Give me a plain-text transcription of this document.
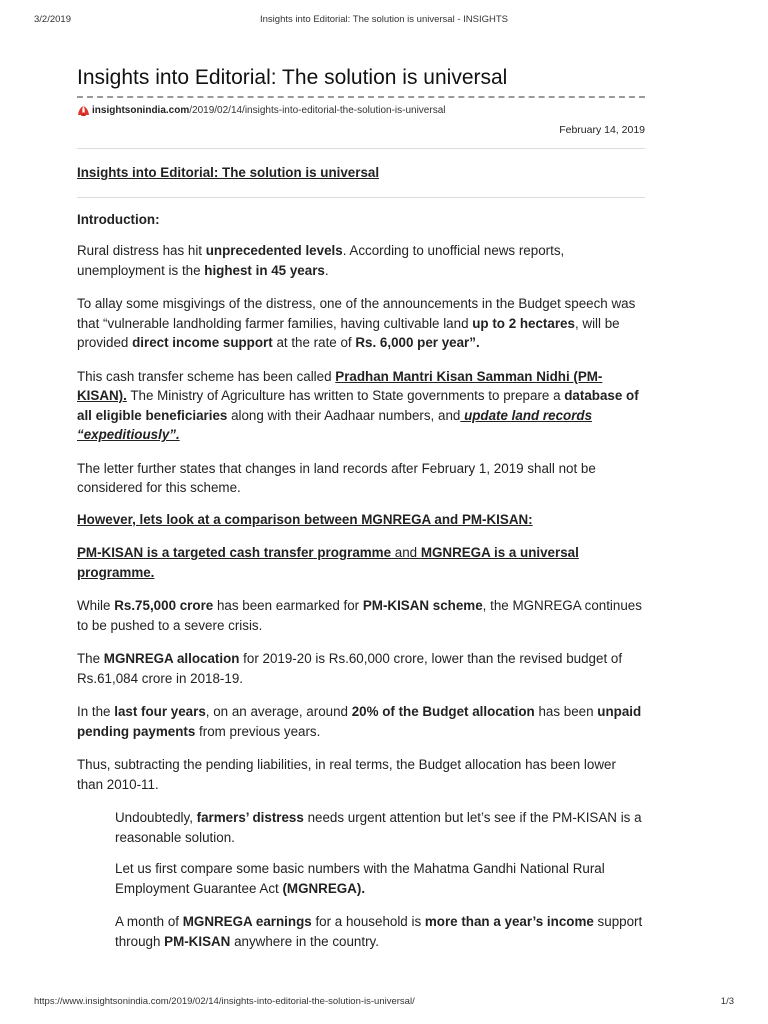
3/2/2019	Insights into Editorial: The solution is universal - INSIGHTS
Insights into Editorial: The solution is universal
insightsonindia.com /2019/02/14/insights-into-editorial-the-solution-is-universal
February 14, 2019

Insights into Editorial: The solution is universal

Introduction:

Rural distress has hit unprecedented levels. According to unofficial news reports, unemployment is the highest in 45 years.

To allay some misgivings of the distress, one of the announcements in the Budget speech was that “vulnerable landholding farmer families, having cultivable land up to 2 hectares, will be provided direct income support at the rate of Rs. 6,000 per year”.

This cash transfer scheme has been called Pradhan Mantri Kisan Samman Nidhi (PM-KISAN). The Ministry of Agriculture has written to State governments to prepare a database of all eligible beneficiaries along with their Aadhaar numbers, and update land records “expeditiously”.

The letter further states that changes in land records after February 1, 2019 shall not be considered for this scheme.

However, lets look at a comparison between MGNREGA and PM-KISAN:

PM-KISAN is a targeted cash transfer programme and MGNREGA is a universal programme.

While Rs.75,000 crore has been earmarked for PM-KISAN scheme, the MGNREGA continues to be pushed to a severe crisis.

The MGNREGA allocation for 2019-20 is Rs.60,000 crore, lower than the revised budget of Rs.61,084 crore in 2018-19.

In the last four years, on an average, around 20% of the Budget allocation has been unpaid pending payments from previous years.

Thus, subtracting the pending liabilities, in real terms, the Budget allocation has been lower than 2010-11.

Undoubtedly, farmers’ distress needs urgent attention but let’s see if the PM-KISAN is a reasonable solution.

Let us first compare some basic numbers with the Mahatma Gandhi National Rural Employment Guarantee Act (MGNREGA).

A month of MGNREGA earnings for a household is more than a year’s income support through PM-KISAN anywhere in the country.

https://www.insightsonindia.com/2019/02/14/insights-into-editorial-the-solution-is-universal/	1/3
